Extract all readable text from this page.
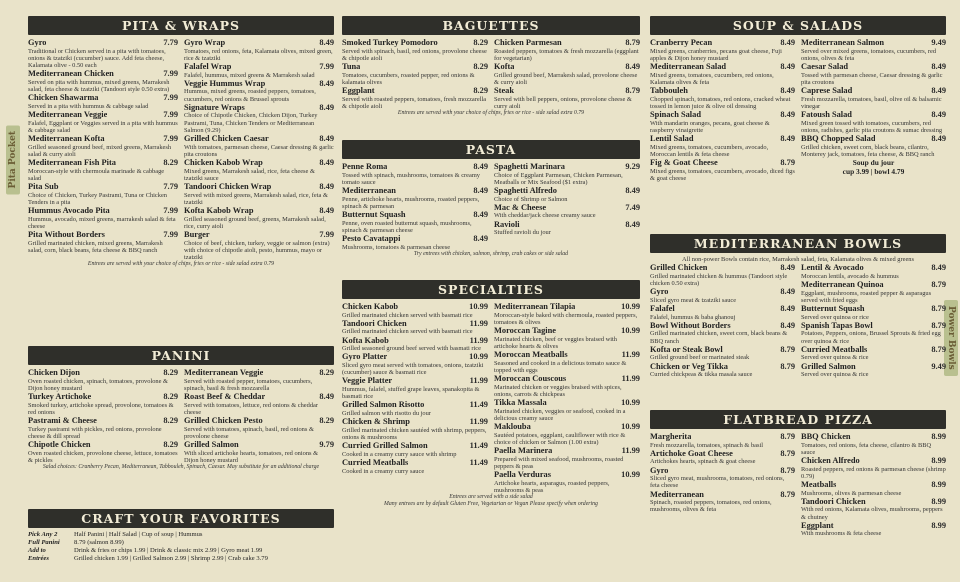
Pita Pocket
Power Bowls
PITA & WRAPS
Gyro	7.79
Traditional or Chicken served in a pita with tomatoes, onions & tzatziki (cucumber) sauce. Add feta cheese, Kalamata olive - 0.50 each
Mediterranean Chicken	7.99
Served on pita with hummus, mixed greens, Marrakesh salad, feta cheese & tzatziki (Tandoori style 0.50 extra)
Chicken Shawarma	7.99
Served in a pita with hummus & cabbage salad
Mediterranean Veggie	7.99
Falafel, Eggplant or Veggies served in a pita with hummus & cabbage salad
Mediterranean Kofta	7.99
Grilled seasoned ground beef, mixed greens, Marrakesh salad & curry aioli
Mediterranean Fish Pita	8.29
Moroccan-style with chermoula marinade & cabbage salad
Pita Sub	7.79
Choice of Chicken, Turkey Pastrami, Tuna or Chicken Tenders in a pita
Hummus Avocado Pita	7.99
Hummus, avocado, mixed greens, marrakesh salad & feta cheese
Pita Without Borders	7.99
Grilled marinated chicken, mixed greens, Marrakesh salad, corn, black beans, feta cheese & BBQ ranch
Gyro Wrap	8.49
Tomatoes, red onions, feta, Kalamata olives, mixed green, rice & tzatziki
Falafel Wrap	7.99
Falafel, hummus, mixed greens & Marrakesh salad
Veggie Hummus Wrap	8.49
Hummus, mixed greens, roasted peppers, tomatoes, cucumbers, red onions & Brussel sprouts
Signature Wraps	8.49
Choice of Chipotle Chicken, Chicken Dijon, Turkey Pastrami, Tuna, Chicken Tenders or Mediterranean Salmon (9.29)
Grilled Chicken Caesar	8.49
With tomatoes, parmesan cheese, Caesar dressing & garlic pita croutons
Chicken Kabob Wrap	8.49
Mixed greens, Marrakesh salad, rice, feta cheese & tzatziki sauce
Tandoori Chicken Wrap	8.49
Served with mixed greens, Marrakesh salad, rice, feta & tzatziki
Kofta Kabob Wrap	8.49
Grilled seasoned ground beef, greens, Marrakesh salad, rice, curry aioli
Burger	7.99
Choice of beef, chicken, turkey, veggie or salmon (extra) with choice of chipotle aioli, pesto, hummus, mayo or tzatziki
Entrees are served with your choice of chips, fries or rice - side salad extra 0.79
PANINI
Chicken Dijon	8.29
Oven roasted chicken, spinach, tomatoes, provolone & Dijon honey mustard
Turkey Artichoke	8.29
Smoked turkey, artichoke spread, provolone, tomatoes & red onions
Pastrami & Cheese	8.29
Turkey pastrami with pickles, red onions, provolone cheese & dill spread
Chipotle Chicken	8.29
Oven roasted chicken, provolone cheese, lettuce, tomatoes & pickles
Mediterranean Veggie	8.29
Served with roasted pepper, tomatoes, cucumbers, spinach, basil & fresh mozzarella
Roast Beef & Cheddar	8.49
Served with tomatoes, lettuce, red onions & cheddar cheese
Grilled Chicken Pesto	8.29
Served with tomatoes, spinach, basil, red onions & provolone cheese
Grilled Salmon	9.79
With sliced artichoke hearts, tomatoes, red onions & Dijon honey mustard
Salad choices: Cranberry Pecan, Mediterranean, Tabbouleh, Spinach, Caesar. May substitute for an additional charge
CRAFT YOUR FAVORITES
Pick Any 2	Half Panini | Half Salad | Cup of soup | Hummus
Full Panini	8.79 (salmon 8.99)
Add to	Drink & fries or chips 1.99 | Drink & classic mix 2.99 | Gyro meat 1.99
Entrées	Grilled chicken 1.99 | Grilled Salmon 2.99 | Shrimp 2.99 | Crab cake 3.79
BAGUETTES
Smoked Turkey Pomodoro	8.29
Served with spinach, basil, red onions, provolone cheese & chipotle aioli
Tuna	8.29
Tomatoes, cucumbers, roasted pepper, red onions & kalamata olives
Eggplant	8.29
Served with roasted peppers, tomatoes, fresh mozzarella & chipotle aioli
Chicken Parmesan	8.79
Roasted peppers, tomatoes & fresh mozzarella (eggplant for vegetarian)
Kofta	8.49
Grilled ground beef, Marrakesh salad, provolone cheese & curry aioli
Steak	8.79
Served with bell peppers, onions, provolone cheese & curry aioli
Entrees are served with your choice of chips, fries or rice - side salad extra 0.79
PASTA
Penne Roma	8.49
Tossed with spinach, mushrooms, tomatoes & creamy tomato sauce
Mediterranean	8.49
Penne, artichoke hearts, mushrooms, roasted peppers, spinach & parmesan
Butternut Squash	8.49
Penne, oven roasted butternut squash, mushrooms, spinach & parmesan cheese
Pesto Cavatappi	8.49
Mushrooms, tomatoes & parmesan cheese
Spaghetti Marinara	9.29
Choice of Eggplant Parmesan, Chicken Parmesan, Meatballs or Mix Seafood ($1 extra)
Spaghetti Alfredo	8.49
Choice of Shrimp or Salmon
Mac & Cheese	7.49
With cheddar/jack cheese creamy sauce
Ravioli	8.49
Stuffed ravioli du jour
Try entrees with chicken, salmon, shrimp, crab cakes or side salad
SPECIALTIES
Chicken Kabob	10.99
Grilled marinated chicken served with basmati rice
Tandoori Chicken	11.99
Grilled marinated chicken served with basmati rice
Kofta Kabob	11.99
Grilled seasoned ground beef served with basmati rice
Gyro Platter	10.99
Sliced gyro meat served with tomatoes, onions, tzatziki (cucumber) sauce & basmati rice
Veggie Platter	11.99
Hummus, falafel, stuffed grape leaves, spanakopita & basmati rice
Grilled Salmon Risotto	11.49
Grilled salmon with risotto du jour
Chicken & Shrimp	11.99
Grilled marinated chicken sautéed with shrimp, peppers, onions & mushrooms
Curried Grilled Salmon	11.49
Cooked in a creamy curry sauce with shrimp
Curried Meatballs	11.49
Cooked in a creamy curry sauce
Mediterranean Tilapia	10.99
Moroccan-style baked with chermoula, roasted peppers, tomatoes & olives
Moroccan Tagine	10.99
Marinated chicken, beef or veggies braised with artichoke hearts & olives
Moroccan Meatballs	11.99
Seasoned and cooked in a delicious tomato sauce & topped with eggs
Moroccan Couscous	11.99
Marinated chicken or veggies braised with spices, onions, carrots & chickpeas
Tikka Massala	10.99
Marinated chicken, veggies or seafood, cooked in a delicious creamy sauce
Maklouba	10.99
Sautéed potatoes, eggplant, cauliflower with rice & choice of chicken or Salmon (1.00 extra)
Paella Marinera	11.99
Prepared with mixed seafood, mushrooms, roasted peppers & peas
Paella Verduras	10.99
Artichoke hearts, asparagus, roasted peppers, mushrooms & peas
Entrees are served with a side salad
Many entrees are by default Gluten Free, Vegetarian or Vegan Please specify when ordering
SOUP & SALADS
Cranberry Pecan	8.49
Mixed greens, cranberries, pecans goat cheese, Fuji apples & Dijon honey mustard
Mediterranean Salad	8.49
Mixed greens, tomatoes, cucumbers, red onions, Kalamata olives & feta
Tabbouleh	8.49
Chopped spinach, tomatoes, red onions, cracked wheat tossed in lemon juice & olive oil dressing
Spinach Salad	8.49
With mandarin oranges, pecans, goat cheese & raspberry vinaigrette
Lentil Salad	8.49
Mixed greens, tomatoes, cucumbers, avocado, Moroccan lentils & feta cheese
Fig & Goat Cheese	8.79
Mixed greens, tomatoes, cucumbers, avocado, diced figs & goat cheese
Mediterranean Salmon	9.49
Served over mixed greens, tomatoes, cucumbers, red onions, olives & feta
Caesar Salad	8.49
Tossed with parmesan cheese, Caesar dressing & garlic pita croutons
Caprese Salad	8.49
Fresh mozzarella, tomatoes, basil, olive oil & balsamic vinegar
Fatoush Salad	8.49
Mixed green tossed with tomatoes, cucumbers, red onions, radishes, garlic pita croutons & sumac dressing
BBQ Chopped Salad	8.49
Grilled chicken, sweet corn, black beans, cilantro, Monterey jack, tomatoes, feta cheese, & BBQ ranch
Soup du jour
cup 3.99 | bowl 4.79
MEDITERRANEAN BOWLS
All non-power Bowls contain rice, Marrakesh salad, feta, Kalamata olives & mixed greens
Grilled Chicken	8.49
Grilled marinated chicken & hummus (Tandoori style chicken 0.50 extra)
Gyro	8.49
Sliced gyro meat & tzatziki sauce
Falafel	8.49
Falafel, hummus & baba ghanouj
Bowl Without Borders	8.49
Grilled marinated chicken, sweet corn, black beans & BBQ ranch
Kofta or Steak Bowl	8.79
Grilled ground beef or marinated steak
Chicken or Veg Tikka	8.79
Curried chickpeas & tikka masala sauce
Lentil & Avocado	8.49
Moroccan lentils, avocado & hummus
Mediterranean Quinoa	8.79
Eggplant, mushrooms, roasted pepper & asparagus served with fried eggs
Butternut Squash	8.79
Served over quinoa or rice
Spanish Tapas Bowl	8.79
Potatoes, Peppers, onions, Brussel Sprouts & fried egg over quinoa & rice
Curried Meatballs	8.79
Served over quinoa & rice
Grilled Salmon	9.49
Served over quinoa & rice
FLATBREAD PIZZA
Margherita	8.79
Fresh mozzarella, tomatoes, spinach & basil
Artichoke Goat Cheese	8.79
Artichokes hearts, spinach & goat cheese
Gyro	8.79
Sliced gyro meat, mushrooms, tomatoes, red onions, feta cheese
Mediterranean	8.79
Spinach, roasted peppers, tomatoes, red onions, mushrooms, olives & feta
BBQ Chicken	8.99
Tomatoes, red onions, feta cheese, cilantro & BBQ sauce
Chicken Alfredo	8.99
Roasted peppers, red onions & parmesan cheese (shrimp 0.79)
Meatballs	8.99
Mushrooms, olives & parmesan cheese
Tandoori Chicken	8.99
With red onions, Kalamata olives, mushrooms, peppers & chutney
Eggplant	8.99
With mushrooms & feta cheese
